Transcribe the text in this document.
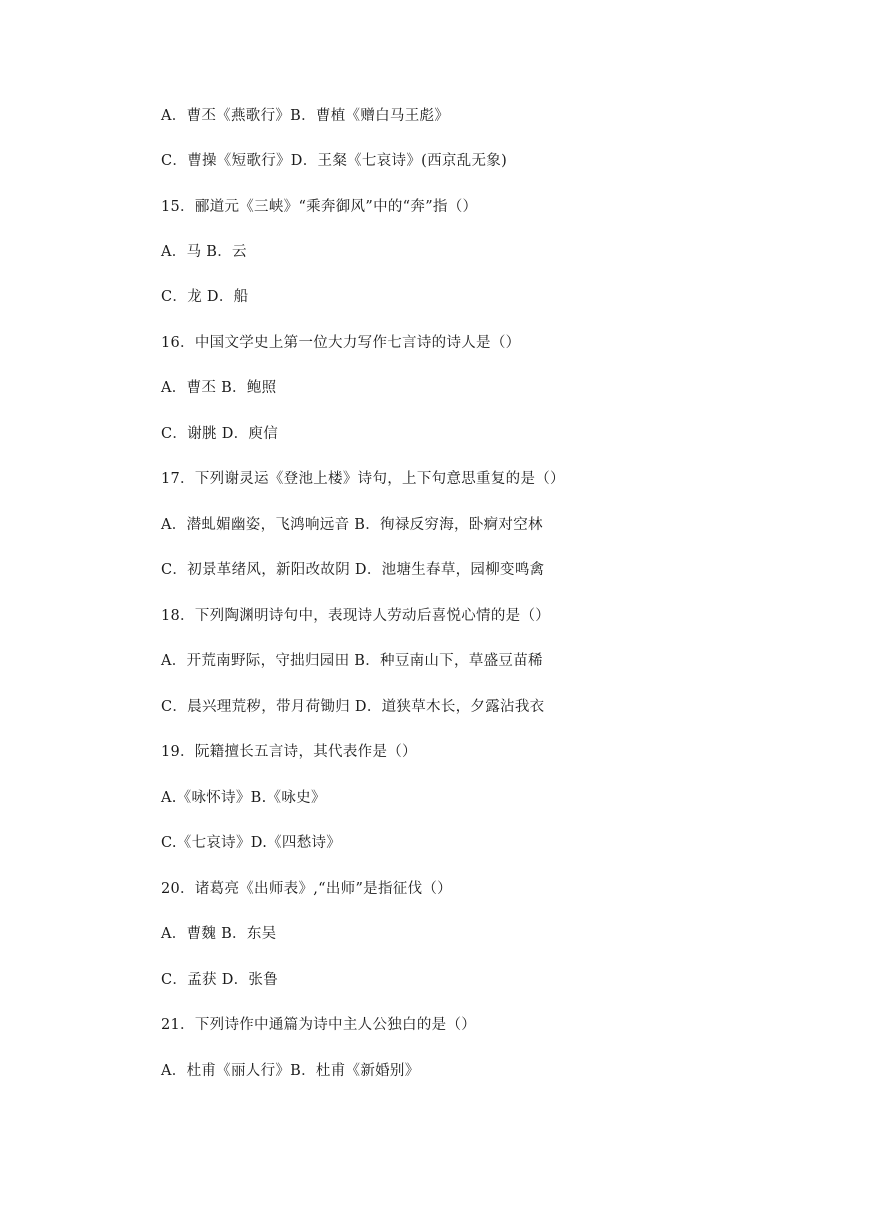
A．曹丕《燕歌行》B．曹植《赠白马王彪》
C．曹操《短歌行》D．王粲《七哀诗》(西京乱无象)
15．郦道元《三峡》“乘奔御风”中的“奔”指（）
A．马 B．云
C．龙 D．船
16．中国文学史上第一位大力写作七言诗的诗人是（）
A．曹丕 B．鲍照
C．谢朓 D．庾信
17．下列谢灵运《登池上楼》诗句，上下句意思重复的是（）
A．潜虬媚幽姿，飞鸿响远音 B．徇禄反穷海，卧痾对空林
C．初景革绪风，新阳改故阴 D．池塘生春草，园柳变鸣禽
18．下列陶渊明诗句中，表现诗人劳动后喜悦心情的是（）
A．开荒南野际，守拙归园田 B．种豆南山下，草盛豆苗稀
C．晨兴理荒秽，带月荷锄归 D．道狭草木长，夕露沾我衣
19．阮籍擅长五言诗，其代表作是（）
A.《咏怀诗》B.《咏史》
C.《七哀诗》D.《四愁诗》
20．诸葛亮《出师表》,“出师”是指征伐（）
A．曹魏 B．东吴
C．孟获 D．张鲁
21．下列诗作中通篇为诗中主人公独白的是（）
A．杜甫《丽人行》B．杜甫《新婚别》
